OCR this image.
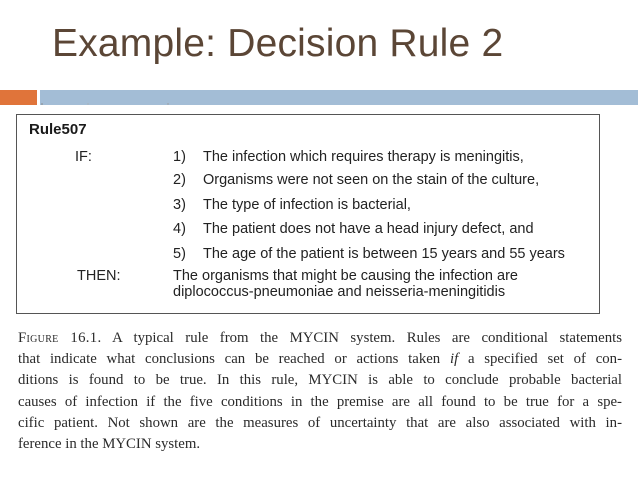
Example: Decision Rule 2
Rule507
IF:	1) The infection which requires therapy is meningitis,
2) Organisms were not seen on the stain of the culture,
3) The type of infection is bacterial,
4) The patient does not have a head injury defect, and
5) The age of the patient is between 15 years and 55 years
THEN:	The organisms that might be causing the infection are
diplococcus-pneumoniae and neisseria-meningitidis
Figure 16.1. A typical rule from the MYCIN system. Rules are conditional statements
that indicate what conclusions can be reached or actions taken if a specified set of con-
ditions is found to be true. In this rule, MYCIN is able to conclude probable bacterial
causes of infection if the five conditions in the premise are all found to be true for a spe-
cific patient. Not shown are the measures of uncertainty that are also associated with in-
ference in the MYCIN system.
